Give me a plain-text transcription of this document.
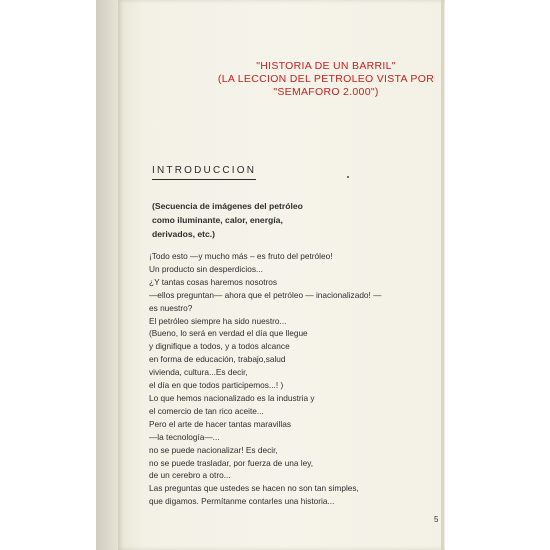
"HISTORIA DE UN BARRIL"
(LA LECCION DEL PETROLEO VISTA POR
"SEMAFORO 2.000")
INTRODUCCION
(Secuencia de imágenes del petróleo
como iluminante, calor, energía,
derivados, etc.)
¡Todo esto —y mucho más – es fruto del petróleo!
Un producto sin desperdicios...
¿Y tantas cosas haremos nosotros
—ellos preguntan— ahora que el petróleo — inacionalizado! —
es nuestro?
El petróleo siempre ha sido nuestro...
(Bueno, lo será en verdad el día que llegue
y dignifique a todos, y a todos alcance
en forma de educación, trabajo,salud
vivienda, cultura...Es decir,
el día en que todos participemos...! )
Lo que hemos nacionalizado es la industria y
el comercio de tan rico aceite...
Pero el arte de hacer tantas maravillas
—la tecnología—...
no se puede nacionalizar! Es decir,
no se puede trasladar, por fuerza de una ley,
de un cerebro a otro...
Las preguntas que ustedes se hacen no son tan simples,
que digamos. Permítanme contarles una historia...
5
